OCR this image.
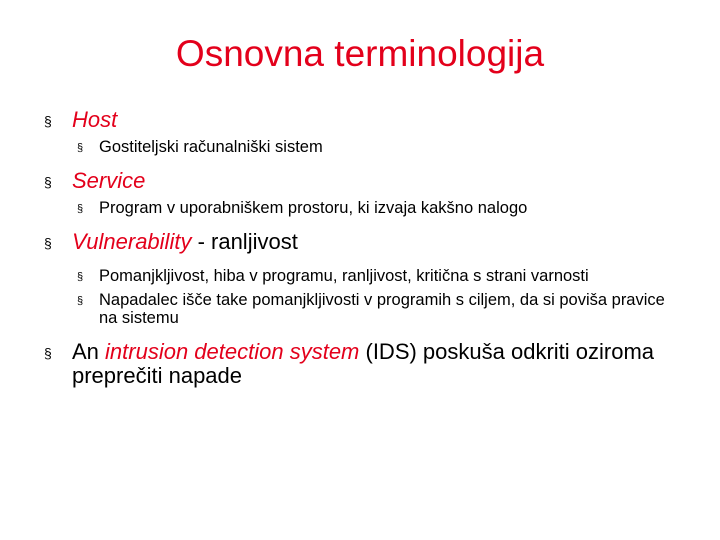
Osnovna terminologija
§ Host
§ Gostiteljski računalniški sistem
§ Service
§ Program v uporabniškem prostoru, ki izvaja kakšno nalogo
§ Vulnerability - ranljivost
§ Pomanjkljivost, hiba v programu, ranljivost, kritična s strani varnosti
§ Napadalec išče take pomanjkljivosti v programih s ciljem, da si poviša pravice na sistemu
§ An intrusion detection system (IDS) poskuša odkriti oziroma preprečiti napade
